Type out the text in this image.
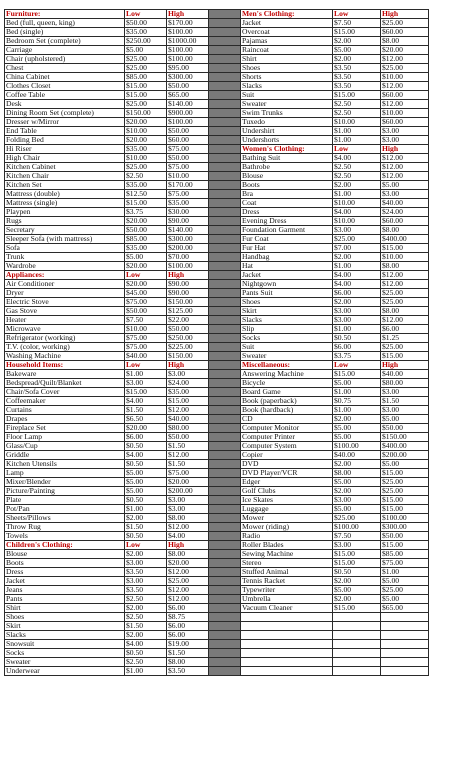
Furniture:	Low	High		Men's Clothing:	Low	High
Bed (full, queen, king)	$50.00	$170.00		Jacket	$7.50	$25.00
Bed (single)	$35.00	$100.00		Overcoat	$15.00	$60.00
Bedroom Set (complete)	$250.00	$1000.00		Pajamas	$2.00	$8.00
Carriage	$5.00	$100.00		Raincoat	$5.00	$20.00
Chair (upholstered)	$25.00	$100.00		Shirt	$2.00	$12.00
Chest	$25.00	$95.00		Shoes	$3.50	$25.00
China Cabinet	$85.00	$300.00		Shorts	$3.50	$10.00
Clothes Closet	$15.00	$50.00		Slacks	$3.50	$12.00
Coffee Table	$15.00	$65.00		Suit	$15.00	$60.00
Desk	$25.00	$140.00		Sweater	$2.50	$12.00
Dining Room Set (complete)	$150.00	$900.00		Swim Trunks	$2.50	$10.00
Dresser w/Mirror	$20.00	$100.00		Tuxedo	$10.00	$60.00
End Table	$10.00	$50.00		Undershirt	$1.00	$3.00
Folding Bed	$20.00	$60.00		Undershorts	$1.00	$3.00
Hi Riser	$35.00	$75.00		Women's Clothing:	Low	High
High Chair	$10.00	$50.00		Bathing Suit	$4.00	$12.00
Kitchen Cabinet	$25.00	$75.00		Bathrobe	$2.50	$12.00
Kitchen Chair	$2.50	$10.00		Blouse	$2.50	$12.00
Kitchen Set	$35.00	$170.00		Boots	$2.00	$5.00
Mattress (double)	$12.50	$75.00		Bra	$1.00	$3.00
Mattress (single)	$15.00	$35.00		Coat	$10.00	$40.00
Playpen	$3.75	$30.00		Dress	$4.00	$24.00
Rugs	$20.00	$90.00		Evening Dress	$10.00	$60.00
Secretary	$50.00	$140.00		Foundation Garment	$3.00	$8.00
Sleeper Sofa (with mattress)	$85.00	$300.00		Fur Coat	$25.00	$400.00
Sofa	$35.00	$200.00		Fur Hat	$7.00	$15.00
Trunk	$5.00	$70.00		Handbag	$2.00	$10.00
Wardrobe	$20.00	$100.00		Hat	$1.00	$8.00
Appliances:	Low	High		Jacket	$4.00	$12.00
Air Conditioner	$20.00	$90.00		Nightgown	$4.00	$12.00
Dryer	$45.00	$90.00		Pants Suit	$6.00	$25.00
Electric Stove	$75.00	$150.00		Shoes	$2.00	$25.00
Gas Stove	$50.00	$125.00		Skirt	$3.00	$8.00
Heater	$7.50	$22.00		Slacks	$3.00	$12.00
Microwave	$10.00	$50.00		Slip	$1.00	$6.00
Refrigerator (working)	$75.00	$250.00		Socks	$0.50	$1.25
T.V. (color, working)	$75.00	$225.00		Suit	$6.00	$25.00
Washing Machine	$40.00	$150.00		Sweater	$3.75	$15.00
Household Items:	Low	High		Miscellaneous:	Low	High
Bakeware	$1.00	$3.00		Answering Machine	$15.00	$40.00
Bedspread/Quilt/Blanket	$3.00	$24.00		Bicycle	$5.00	$80.00
Chair/Sofa Cover	$15.00	$35.00		Board Game	$1.00	$3.00
Coffeemaker	$4.00	$15.00		Book (paperback)	$0.75	$1.50
Curtains	$1.50	$12.00		Book (hardback)	$1.00	$3.00
Drapes	$6.50	$40.00		CD	$2.00	$5.00
Fireplace Set	$20.00	$80.00		Computer Monitor	$5.00	$50.00
Floor Lamp	$6.00	$50.00		Computer Printer	$5.00	$150.00
Glass/Cup	$0.50	$1.50		Computer System	$100.00	$400.00
Griddle	$4.00	$12.00		Copier	$40.00	$200.00
Kitchen Utensils	$0.50	$1.50		DVD	$2.00	$5.00
Lamp	$5.00	$75.00		DVD Player/VCR	$8.00	$15.00
Mixer/Blender	$5.00	$20.00		Edger	$5.00	$25.00
Picture/Painting	$5.00	$200.00		Golf Clubs	$2.00	$25.00
Plate	$0.50	$3.00		Ice Skates	$3.00	$15.00
Pot/Pan	$1.00	$3.00		Luggage	$5.00	$15.00
Sheets/Pillows	$2.00	$8.00		Mower	$25.00	$100.00
Throw Rug	$1.50	$12.00		Mower (riding)	$100.00	$300.00
Towels	$0.50	$4.00		Radio	$7.50	$50.00
Children's Clothing:	Low	High		Roller Blades	$3.00	$15.00
Blouse	$2.00	$8.00		Sewing Machine	$15.00	$85.00
Boots	$3.00	$20.00		Stereo	$15.00	$75.00
Dress	$3.50	$12.00		Stuffed Animal	$0.50	$1.00
Jacket	$3.00	$25.00		Tennis Racket	$2.00	$5.00
Jeans	$3.50	$12.00		Typewriter	$5.00	$25.00
Pants	$2.50	$12.00		Umbrella	$2.00	$5.00
Shirt	$2.00	$6.00		Vacuum Cleaner	$15.00	$65.00
Shoes	$2.50	$8.75				
Skirt	$1.50	$6.00				
Slacks	$2.00	$6.00				
Snowsuit	$4.00	$19.00				
Socks	$0.50	$1.50				
Sweater	$2.50	$8.00				
Underwear	$1.00	$3.50				
